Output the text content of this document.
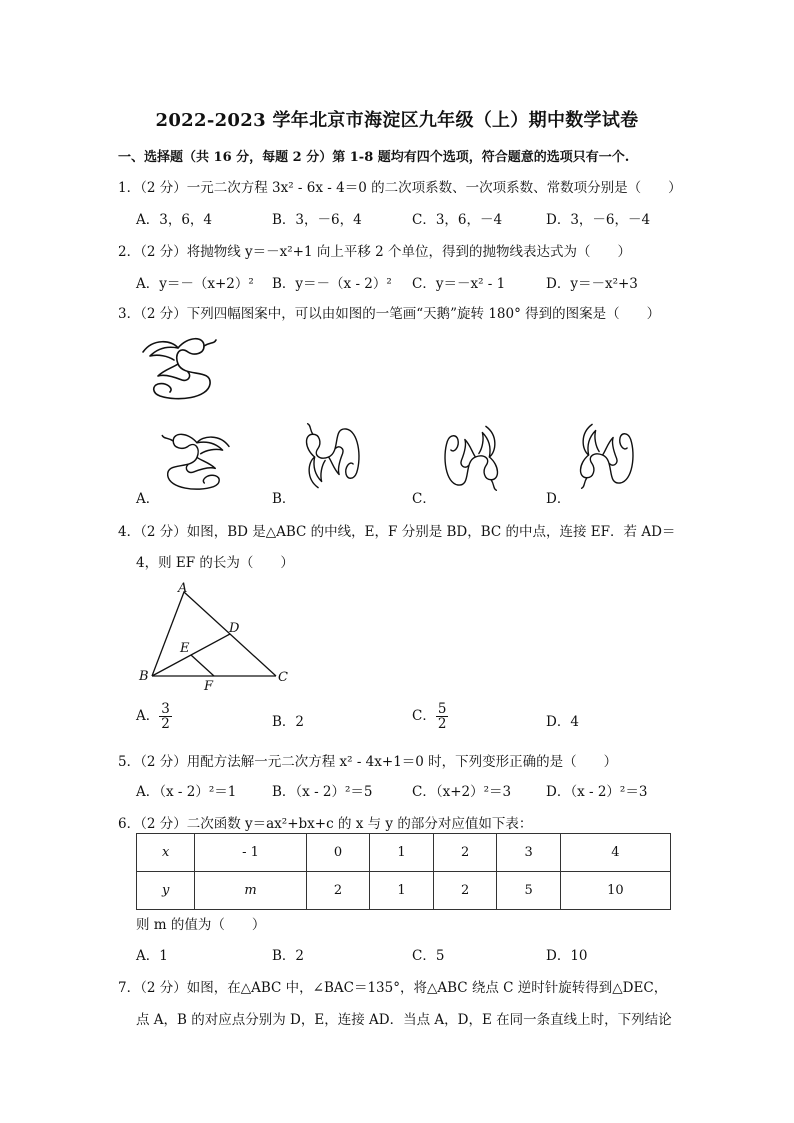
2022-2023 学年北京市海淀区九年级（上）期中数学试卷
一、选择题（共 16 分，每题 2 分）第 1-8 题均有四个选项，符合题意的选项只有一个.
1．（2 分）一元二次方程 3x² - 6x - 4＝0 的二次项系数、一次项系数、常数项分别是（　　）
A．3，6，4	B．3，－6，4	C．3，6，－4	D．3，－6，－4
2．（2 分）将抛物线 y＝－x²+1 向上平移 2 个单位，得到的抛物线表达式为（　　）
A．y＝－（x+2）² B．y＝－（x - 2）² C．y＝－x² - 1	D．y＝－x²+3
3．（2 分）下列四幅图案中，可以由如图的一笔画“天鹅”旋转 180° 得到的图案是（　　）
A．	B．	C．	D．
4．（2 分）如图，BD 是△ABC 的中线，E，F 分别是 BD，BC 的中点，连接 EF．若 AD＝
4，则 EF 的长为（　　）
A
B	C
D
E
F
A． $\frac{3}{2}$	B．2	C． $\frac{5}{2}$	D．4
5．（2 分）用配方法解一元二次方程 x² - 4x+1＝0 时，下列变形正确的是（　　）
A．（x - 2）²＝1	B．（x - 2）²＝5	C．（x+2）²＝3	D．（x - 2）²＝3
6．（2 分）二次函数 y＝ax²+bx+c 的 x 与 y 的部分对应值如下表：
x	- 1	0	1	2	3	4
y	m	2	1	2	5	10
则 m 的值为（　　）
A．1	B．2	C．5	D．10
7．（2 分）如图，在△ABC 中，∠BAC＝135°，将△ABC 绕点 C 逆时针旋转得到△DEC，
点 A，B 的对应点分别为 D，E，连接 AD．当点 A，D，E 在同一条直线上时，下列结论
